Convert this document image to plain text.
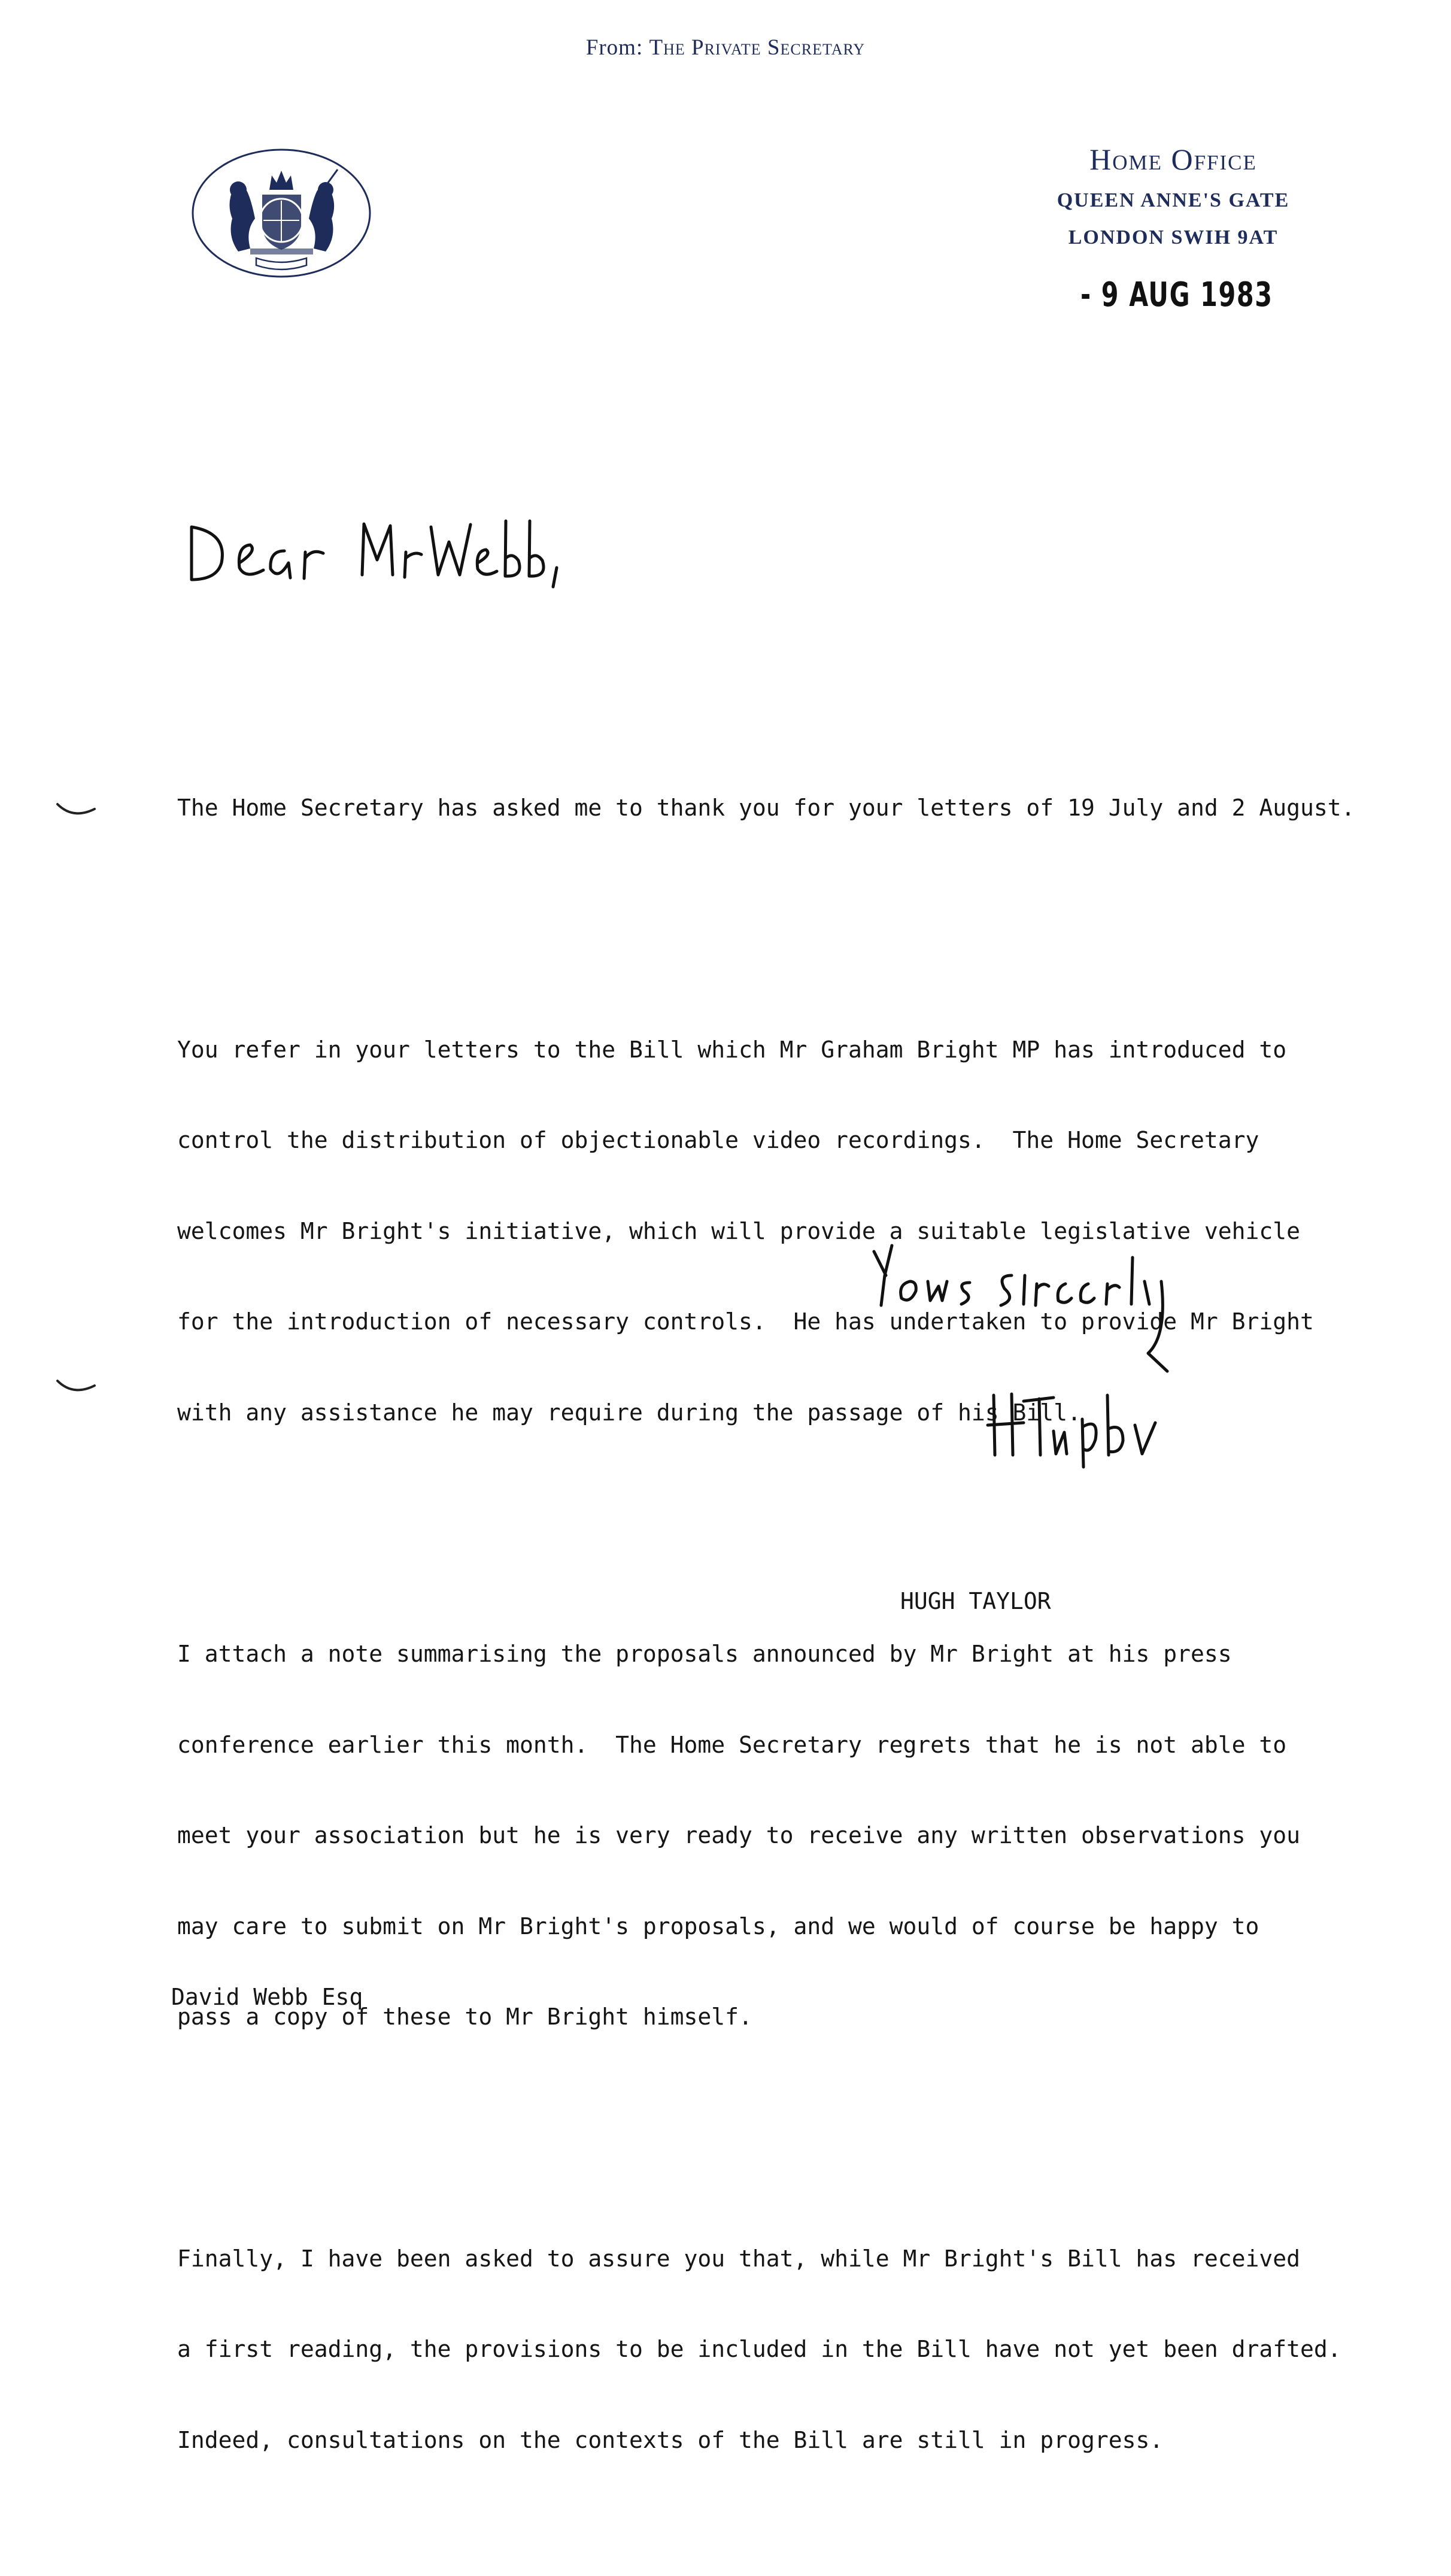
From: The Private Secretary
Home Office
QUEEN ANNE'S GATE
LONDON SWIH 9AT
- 9 AUG 1983

The Home Secretary has asked me to thank you for your letters of 19 July and 2 August.

You refer in your letters to the Bill which Mr Graham Bright MP has introduced to

control the distribution of objectionable video recordings.  The Home Secretary

welcomes Mr Bright's initiative, which will provide a suitable legislative vehicle

for the introduction of necessary controls.  He has undertaken to provide Mr Bright

with any assistance he may require during the passage of his Bill.

I attach a note summarising the proposals announced by Mr Bright at his press

conference earlier this month.  The Home Secretary regrets that he is not able to

meet your association but he is very ready to receive any written observations you

may care to submit on Mr Bright's proposals, and we would of course be happy to

pass a copy of these to Mr Bright himself.

Finally, I have been asked to assure you that, while Mr Bright's Bill has received

a first reading, the provisions to be included in the Bill have not yet been drafted.

Indeed, consultations on the contexts of the Bill are still in progress.

HUGH TAYLOR
David Webb Esq
